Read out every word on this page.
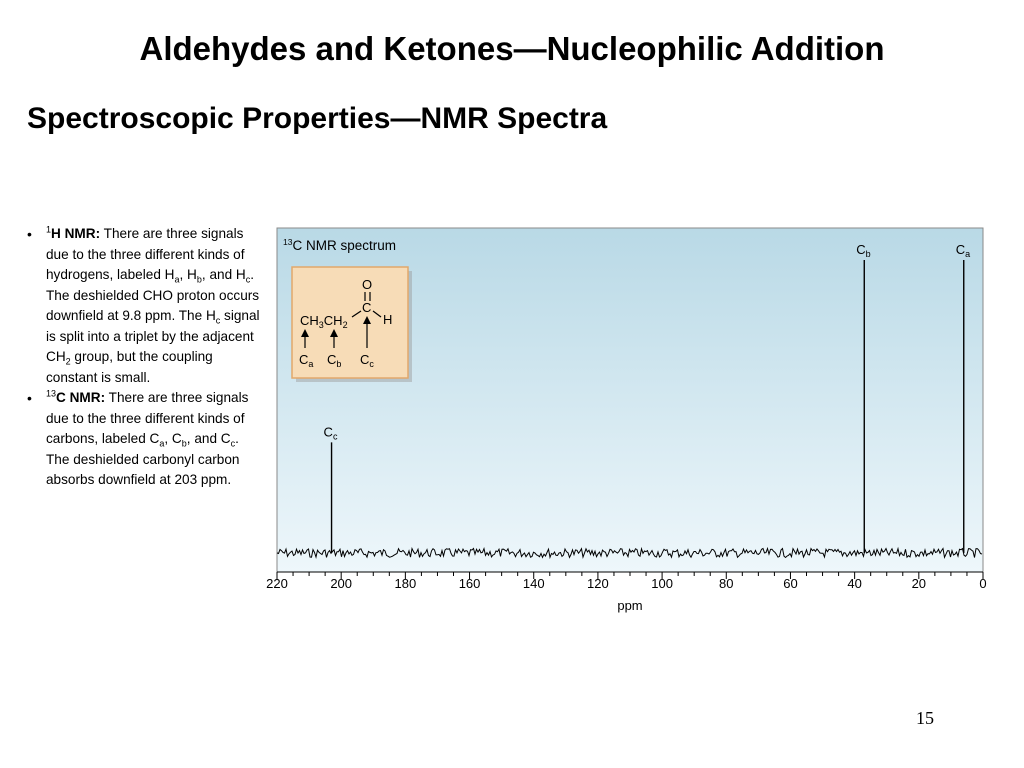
Aldehydes and Ketones—Nucleophilic Addition
Spectroscopic Properties—NMR Spectra
• $^1$H NMR: There are three signals due to the three different kinds of hydrogens, labeled $H_a$, $H_b$, and $H_c$. The deshielded CHO proton occurs downfield at 9.8 ppm. The $H_c$ signal is split into a triplet by the adjacent $CH_2$ group, but the coupling constant is small.
• $^{13}$C NMR: There are three signals due to the three different kinds of carbons, labeled $C_a$, $C_b$, and $C_c$. The deshielded carbonyl carbon absorbs downfield at 203 ppm.
$^{13}$C NMR spectrum
O
C
$CH_3CH_2$	H
$C_a$ $C_b$ $C_c$
220	200	180	160	140	120	100	80	60	40	20	0
$C_c$
$C_b$	$C_a$
ppm
15
